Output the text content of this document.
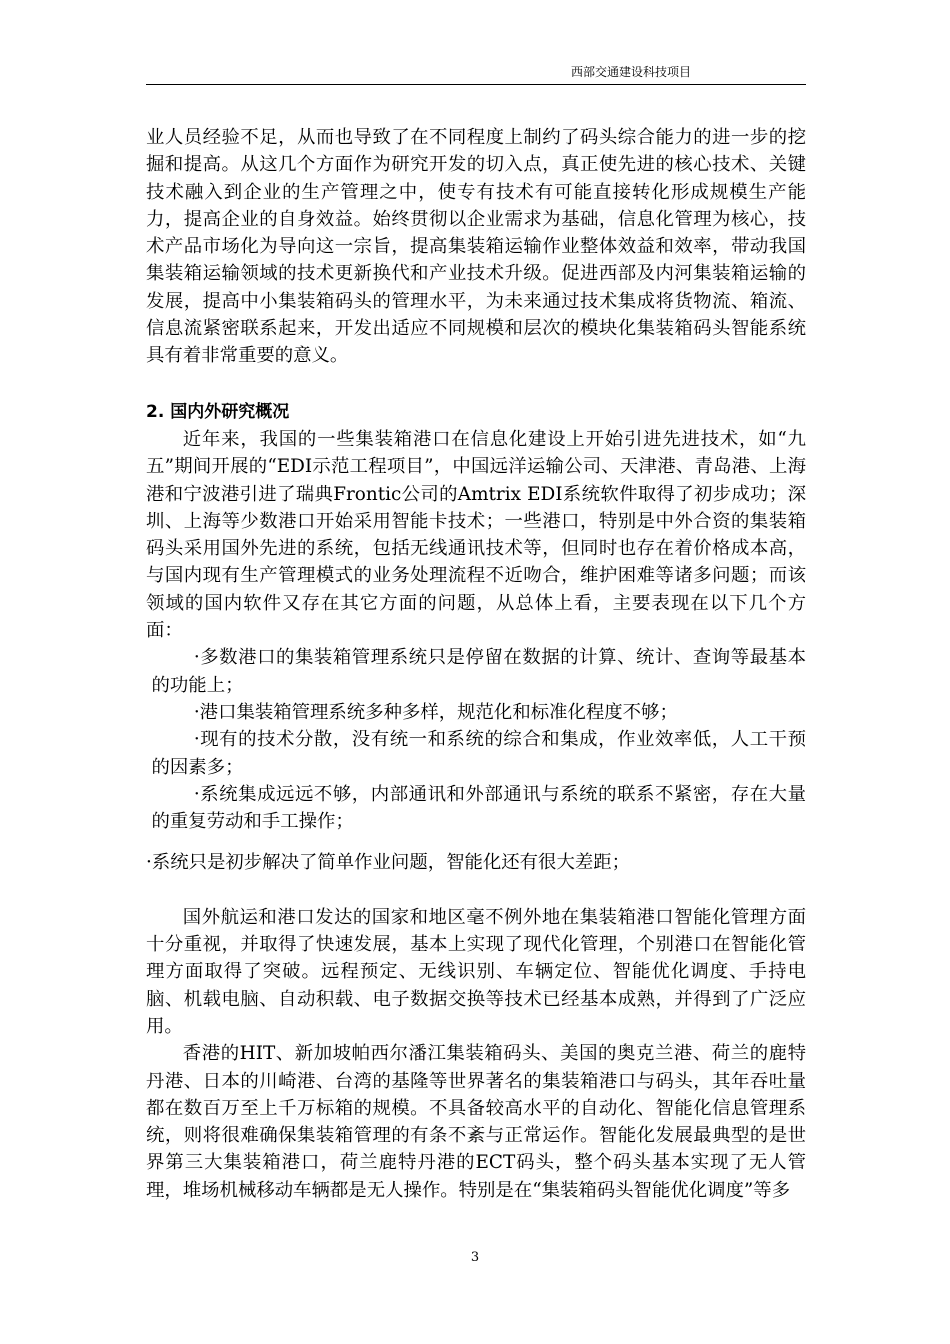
西部交通建设科技项目

业人员经验不足，从而也导致了在不同程度上制约了码头综合能力的进一步的挖掘和提高。从这几个方面作为研究开发的切入点，真正使先进的核心技术、关键技术融入到企业的生产管理之中，使专有技术有可能直接转化形成规模生产能力，提高企业的自身效益。始终贯彻以企业需求为基础，信息化管理为核心，技术产品市场化为导向这一宗旨，提高集装箱运输作业整体效益和效率，带动我国集装箱运输领域的技术更新换代和产业技术升级。促进西部及内河集装箱运输的发展，提高中小集装箱码头的管理水平，为未来通过技术集成将货物流、箱流、信息流紧密联系起来，开发出适应不同规模和层次的模块化集装箱码头智能系统具有着非常重要的意义。

2. 国内外研究概况

近年来，我国的一些集装箱港口在信息化建设上开始引进先进技术，如“九五”期间开展的“EDI示范工程项目”，中国远洋运输公司、天津港、青岛港、上海港和宁波港引进了瑞典Frontic公司的Amtrix EDI系统软件取得了初步成功；深圳、上海等少数港口开始采用智能卡技术；一些港口，特别是中外合资的集装箱码头采用国外先进的系统，包括无线通讯技术等，但同时也存在着价格成本高，与国内现有生产管理模式的业务处理流程不近吻合，维护困难等诸多问题；而该领域的国内软件又存在其它方面的问题，从总体上看，主要表现在以下几个方面：

·多数港口的集装箱管理系统只是停留在数据的计算、统计、查询等最基本的功能上；

·港口集装箱管理系统多种多样，规范化和标准化程度不够；

·现有的技术分散，没有统一和系统的综合和集成，作业效率低，人工干预的因素多；

·系统集成远远不够，内部通讯和外部通讯与系统的联系不紧密，存在大量的重复劳动和手工操作；

·系统只是初步解决了简单作业问题，智能化还有很大差距；

国外航运和港口发达的国家和地区毫不例外地在集装箱港口智能化管理方面十分重视，并取得了快速发展，基本上实现了现代化管理，个别港口在智能化管理方面取得了突破。远程预定、无线识别、车辆定位、智能优化调度、手持电脑、机载电脑、自动积载、电子数据交换等技术已经基本成熟，并得到了广泛应用。

香港的HIT、新加坡帕西尔潘江集装箱码头、美国的奥克兰港、荷兰的鹿特丹港、日本的川崎港、台湾的基隆等世界著名的集装箱港口与码头，其年吞吐量都在数百万至上千万标箱的规模。不具备较高水平的自动化、智能化信息管理系统，则将很难确保集装箱管理的有条不紊与正常运作。智能化发展最典型的是世界第三大集装箱港口，荷兰鹿特丹港的ECT码头，整个码头基本实现了无人管理，堆场机械移动车辆都是无人操作。特别是在“集装箱码头智能优化调度”等多

3
